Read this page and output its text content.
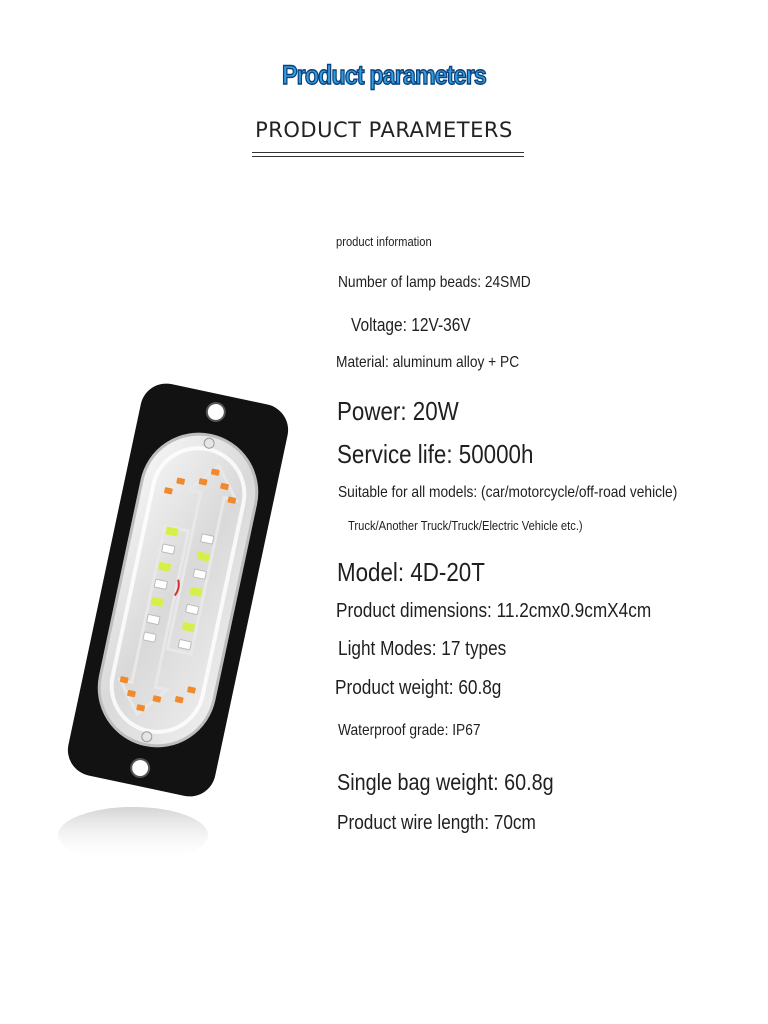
Product parameters
PRODUCT PARAMETERS
product information
Number of lamp beads: 24SMD
Voltage: 12V-36V
Material: aluminum alloy + PC
Power: 20W
Service life: 50000h
Suitable for all models: (car/motorcycle/off-road vehicle)
Truck/Another Truck/Truck/Electric Vehicle etc.)
Model: 4D-20T
Product dimensions: 11.2cmx0.9cmX4cm
Light Modes: 17 types
Product weight: 60.8g
Waterproof grade: IP67
Single bag weight: 60.8g
Product wire length: 70cm
